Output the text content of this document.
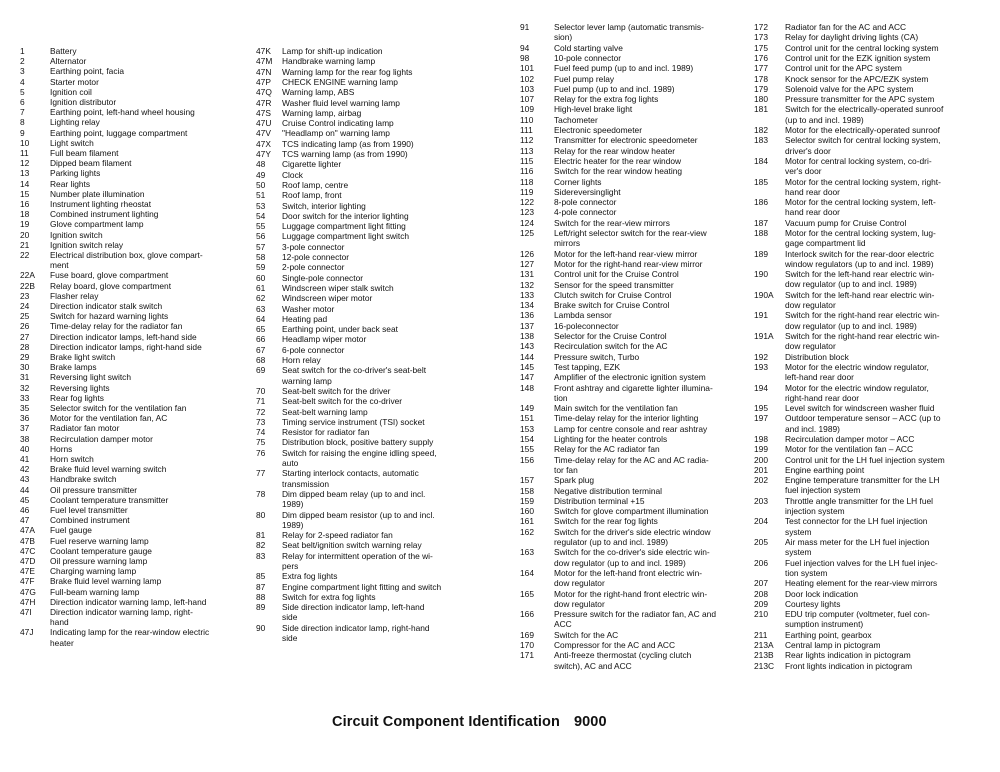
1	Battery
2	Alternator
3	Earthing point, facia
4	Starter motor
5	Ignition coil
6	Ignition distributor
7	Earthing point, left-hand wheel housing
8	Lighting relay
9	Earthing point, luggage compartment
10	Light switch
11	Full beam filament
12	Dipped beam filament
13	Parking lights
14	Rear lights
15	Number plate illumination
16	Instrument lighting rheostat
18	Combined instrument lighting
19	Glove compartment lamp
20	Ignition switch
21	Ignition switch relay
22	Electrical distribution box, glove compart-
ment
22A	Fuse board, glove compartment
22B	Relay board, glove compartment
23	Flasher relay
24	Direction indicator stalk switch
25	Switch for hazard warning lights
26	Time-delay relay for the radiator fan
27	Direction indicator lamps, left-hand side
28	Direction indicator lamps, right-hand side
29	Brake light switch
30	Brake lamps
31	Reversing light switch
32	Reversing lights
33	Rear fog lights
35	Selector switch for the ventilation fan
36	Motor for the ventilation fan, AC
37	Radiator fan motor
38	Recirculation damper motor
40	Horns
41	Horn switch
42	Brake fluid level warning switch
43	Handbrake switch
44	Oil pressure transmitter
45	Coolant temperature transmitter
46	Fuel level transmitter
47	Combined instrument
47A	Fuel gauge
47B	Fuel reserve warning lamp
47C	Coolant temperature gauge
47D	Oil pressure warning lamp
47E	Charging warning lamp
47F	Brake fluid level warning lamp
47G	Full-beam warning lamp
47H	Direction indicator warning lamp, left-hand
47I	Direction indicator warning lamp, right-
hand
47J	Indicating lamp for the rear-window electric
heater
47K	Lamp for shift-up indication
47M	Handbrake warning lamp
47N	Warning lamp for the rear fog lights
47P	CHECK ENGINE warning lamp
47Q	Warning lamp, ABS
47R	Washer fluid level warning lamp
47S	Warning lamp, airbag
47U	Cruise Control indicating lamp
47V	"Headlamp on" warning lamp
47X	TCS indicating lamp (as from 1990)
47Y	TCS warning lamp (as from 1990)
48	Cigarette lighter
49	Clock
50	Roof lamp, centre
51	Roof lamp, front
53	Switch, interior lighting
54	Door switch for the interior lighting
55	Luggage compartment light fitting
56	Luggage compartment light switch
57	3-pole connector
58	12-pole connector
59	2-pole connector
60	Single-pole connector
61	Windscreen wiper stalk switch
62	Windscreen wiper motor
63	Washer motor
64	Heating pad
65	Earthing point, under back seat
66	Headlamp wiper motor
67	6-pole connector
68	Horn relay
69	Seat switch for the co-driver's seat-belt
warning lamp
70	Seat-belt switch for the driver
71	Seat-belt switch for the co-driver
72	Seat-belt warning lamp
73	Timing service instrument (TSI) socket
74	Resistor for radiator fan
75	Distribution block, positive battery supply
76	Switch for raising the engine idling speed,
auto
77	Starting interlock contacts, automatic
transmission
78	Dim dipped beam relay (up to and incl.
1989)
80	Dim dipped beam resistor (up to and incl.
1989)
81	Relay for 2-speed radiator fan
82	Seat belt/ignition switch warning relay
83	Relay for intermittent operation of the wi-
pers
85	Extra fog lights
87	Engine compartment light fitting and switch
88	Switch for extra fog lights
89	Side direction indicator lamp, left-hand
side
90	Side direction indicator lamp, right-hand
side
91	Selector lever lamp (automatic transmis-
sion)
94	Cold starting valve
98	10-pole connector
101	Fuel feed pump (up to and incl. 1989)
102	Fuel pump relay
103	Fuel pump (up to and incl. 1989)
107	Relay for the extra fog lights
109	High-level brake light
110	Tachometer
111	Electronic speedometer
112	Transmitter for electronic speedometer
113	Relay for the rear window heater
115	Electric heater for the rear window
116	Switch for the rear window heating
118	Corner lights
119	Sidereversinglight
122	8-pole connector
123	4-pole connector
124	Switch for the rear-view mirrors
125	Left/right selector switch for the rear-view
mirrors
126	Motor for the left-hand rear-view mirror
127	Motor for the right-hand rear-view mirror
131	Control unit for the Cruise Control
132	Sensor for the speed transmitter
133	Clutch switch for Cruise Control
134	Brake switch for Cruise Control
136	Lambda sensor
137	16-poleconnector
138	Selector for the Cruise Control
143	Recirculation switch for the AC
144	Pressure switch, Turbo
145	Test tapping, EZK
147	Amplifier of the electronic ignition system
148	Front ashtray and cigarette lighter illumina-
tion
149	Main switch for the ventilation fan
151	Time-delay relay for the interior lighting
153	Lamp for centre console and rear ashtray
154	Lighting for the heater controls
155	Relay for the AC radiator fan
156	Time-delay relay for the AC and AC radia-
tor fan
157	Spark plug
158	Negative distribution terminal
159	Distribution terminal +15
160	Switch for glove compartment illumination
161	Switch for the rear fog lights
162	Switch for the driver's side electric window
regulator (up to and incl. 1989)
163	Switch for the co-driver's side electric win-
dow regulator (up to and incl. 1989)
164	Motor for the left-hand front electric win-
dow regulator
165	Motor for the right-hand front electric win-
dow regulator
166	Pressure switch for the radiator fan, AC and
ACC
169	Switch for the AC
170	Compressor for the AC and ACC
171	Anti-freeze thermostat (cycling clutch
switch), AC and ACC
172	Radiator fan for the AC and ACC
173	Relay for daylight driving lights (CA)
175	Control unit for the central locking system
176	Control unit for the EZK ignition system
177	Control unit for the APC system
178	Knock sensor for the APC/EZK system
179	Solenoid valve for the APC system
180	Pressure transmitter for the APC system
181	Switch for the electrically-operated sunroof
(up to and incl. 1989)
182	Motor for the electrically-operated sunroof
183	Selector switch for central locking system,
driver's door
184	Motor for central locking system, co-dri-
ver's door
185	Motor for the central locking system, right-
hand rear door
186	Motor for the central locking system, left-
hand rear door
187	Vacuum pump for Cruise Control
188	Motor for the central locking system, lug-
gage compartment lid
189	Interlock switch for the rear-door electric
window regulators (up to and incl. 1989)
190	Switch for the left-hand rear electric win-
dow regulator (up to and incl. 1989)
190A	Switch for the left-hand rear electric win-
dow regulator
191	Switch for the right-hand rear electric win-
dow regulator (up to and incl. 1989)
191A	Switch for the right-hand rear electric win-
dow regulator
192	Distribution block
193	Motor for the electric window regulator,
left-hand rear door
194	Motor for the electric window regulator,
right-hand rear door
195	Level switch for windscreen washer fluid
197	Outdoor temperature sensor – ACC (up to
and incl. 1989)
198	Recirculation damper motor – ACC
199	Motor for the ventilation fan – ACC
200	Control unit for the LH fuel injection system
201	Engine earthing point
202	Engine temperature transmitter for the LH
fuel injection system
203	Throttle angle transmitter for the LH fuel
injection system
204	Test connector for the LH fuel injection
system
205	Air mass meter for the LH fuel injection
system
206	Fuel injection valves for the LH fuel injec-
tion system
207	Heating element for the rear-view mirrors
208	Door lock indication
209	Courtesy lights
210	EDU trip computer (voltmeter, fuel con-
sumption instrument)
211	Earthing point, gearbox
213A	Central lamp in pictogram
213B	Rear lights indication in pictogram
213C	Front lights indication in pictogram
Circuit Component Identification 9000
